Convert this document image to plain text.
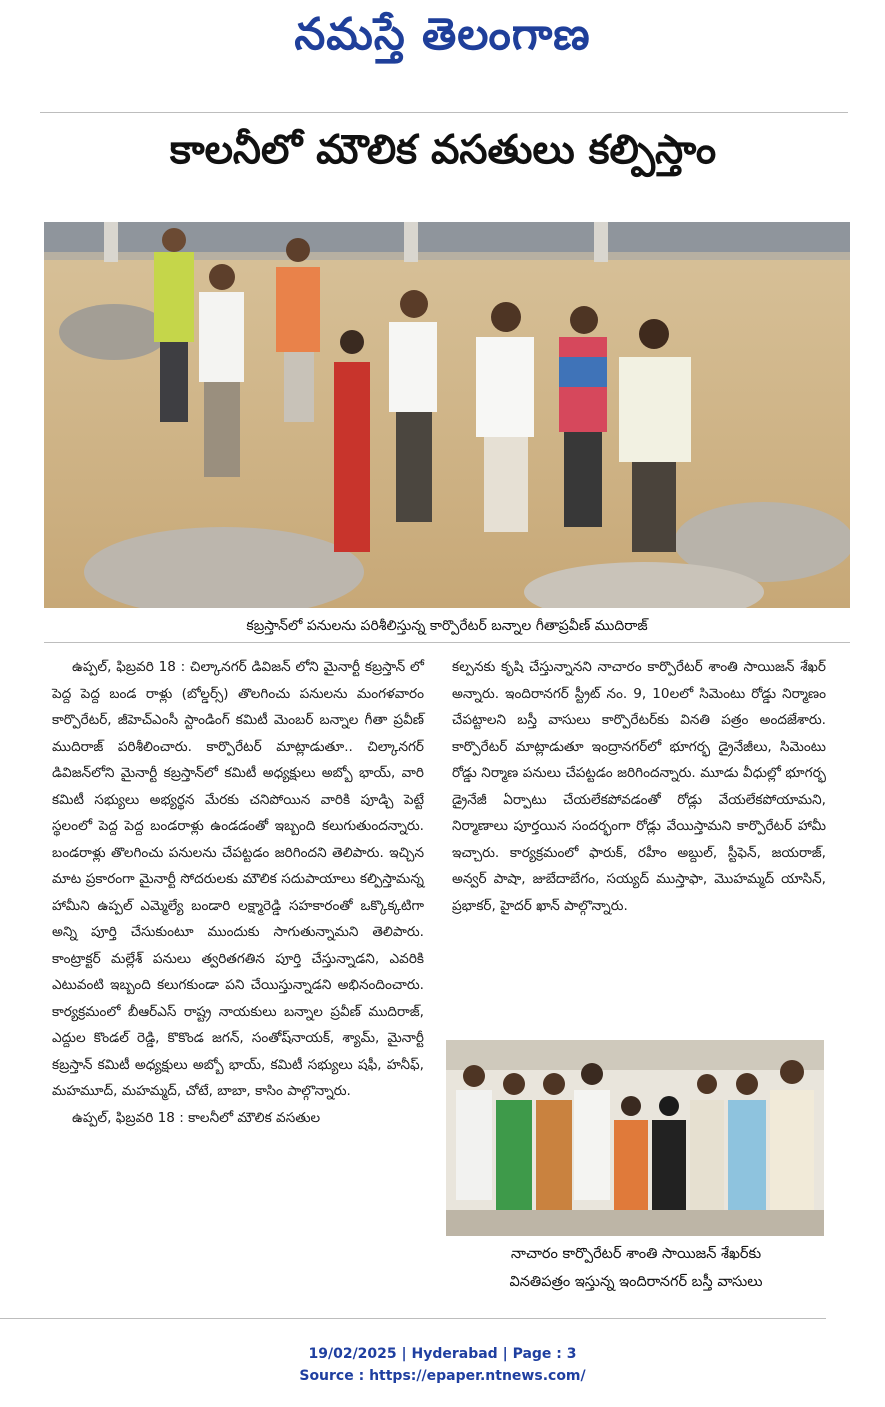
నమస్తే తెలంగాణ
కాలనీలో మౌలిక వసతులు కల్పిస్తాం
కబ్రస్తాన్‌లో పనులను పరిశీలిస్తున్న కార్పొరేటర్ బన్నాల గీతాప్రవీణ్ ముదిరాజ్

ఉప్పల్, ఫిబ్రవరి 18 : చిల్కానగర్ డివిజన్ లోని మైనార్టీ కబ్రస్తాన్ లో పెద్ద పెద్ద బండ రాళ్లు (బోల్డర్స్) తొలగించు పనులను మంగళవారం కార్పొరేటర్, జీహెచ్ఎంసీ స్టాండింగ్ కమిటీ మెంబర్ బన్నాల గీతా ప్రవీణ్ ముదిరాజ్ పరిశీలించారు. కార్పొరేటర్ మాట్లాడుతూ.. చిల్కానగర్ డివిజన్‌లోని మైనార్టీ కబ్రస్తాన్‌లో కమిటీ అధ్యక్షులు అబ్బో భాయ్, వారి కమిటీ సభ్యులు అభ్యర్థన మేరకు చనిపోయిన వారికి పూడ్చి పెట్టే స్థలంలో పెద్ద పెద్ద బండరాళ్లు ఉండడంతో ఇబ్బంది కలుగుతుందన్నారు. బండరాళ్లు తొలగించు పనులను చేపట్టడం జరిగిందని తెలిపారు. ఇచ్చిన మాట ప్రకారంగా మైనార్టీ సోదరులకు మౌలిక సదుపాయాలు కల్పిస్తామన్న హామీని ఉప్పల్ ఎమ్మెల్యే బండారి లక్ష్మారెడ్డి సహకారంతో ఒక్కొక్కటిగా అన్ని పూర్తి చేసుకుంటూ ముందుకు సాగుతున్నామని తెలిపారు. కాంట్రాక్టర్ మల్లేశ్ పనులు త్వరితగతిన పూర్తి చేస్తున్నాడని, ఎవరికి ఎటువంటి ఇబ్బంది కలుగకుండా పని చేయిస్తున్నాడని అభినందించారు. కార్యక్రమంలో బీఆర్ఎస్ రాష్ట్ర నాయకులు బన్నాల ప్రవీణ్ ముదిరాజ్, ఎద్దుల కొండల్ రెడ్డి, కొకొండ జగన్, సంతోష్‌నాయక్, శ్యామ్, మైనార్టీ కబ్రస్తాన్ కమిటీ అధ్యక్షులు అబ్బో భాయ్, కమిటీ సభ్యులు షఫీ, హనీఫ్, మహమూద్, మహమ్మద్, చోటే, బాబా, కాసిం పాల్గొన్నారు.

ఉప్పల్, ఫిబ్రవరి 18 : కాలనీలో మౌలిక వసతుల

కల్పనకు కృషి చేస్తున్నానని నాచారం కార్పొరేటర్ శాంతి సాయిజన్ శేఖర్ అన్నారు. ఇందిరానగర్ స్ట్రీట్ నం. 9, 10లలో సిమెంటు రోడ్డు నిర్మాణం చేపట్టాలని బస్తీ వాసులు కార్పొరేటర్‌కు వినతి పత్రం అందజేశారు. కార్పొరేటర్ మాట్లాడుతూ ఇంద్రానగర్‌లో భూగర్భ డ్రైనేజీలు, సిమెంటు రోడ్డు నిర్మాణ పనులు చేపట్టడం జరిగిందన్నారు. మూడు వీధుల్లో భూగర్భ డ్రైనేజీ ఏర్పాటు చేయలేకపోవడంతో రోడ్లు వేయలేకపోయామని, నిర్మాణాలు పూర్తయిన సందర్భంగా రోడ్లు వేయిస్తామని కార్పొరేటర్ హామీ ఇచ్చారు. కార్యక్రమంలో ఫారుక్, రహీం అబ్దుల్, స్టీఫెన్, జయరాజ్, అన్వర్ పాషా, జుబేదాబేగం, సయ్యద్ ముస్తాఫా, మొహమ్మద్ యాసిన్, ప్రభాకర్, హైదర్ ఖాన్ పాల్గొన్నారు.

నాచారం కార్పొరేటర్ శాంతి సాయిజన్ శేఖర్‌కు
వినతిపత్రం ఇస్తున్న ఇందిరానగర్ బస్తీ వాసులు
19/02/2025 | Hyderabad | Page : 3
Source : https://epaper.ntnews.com/
